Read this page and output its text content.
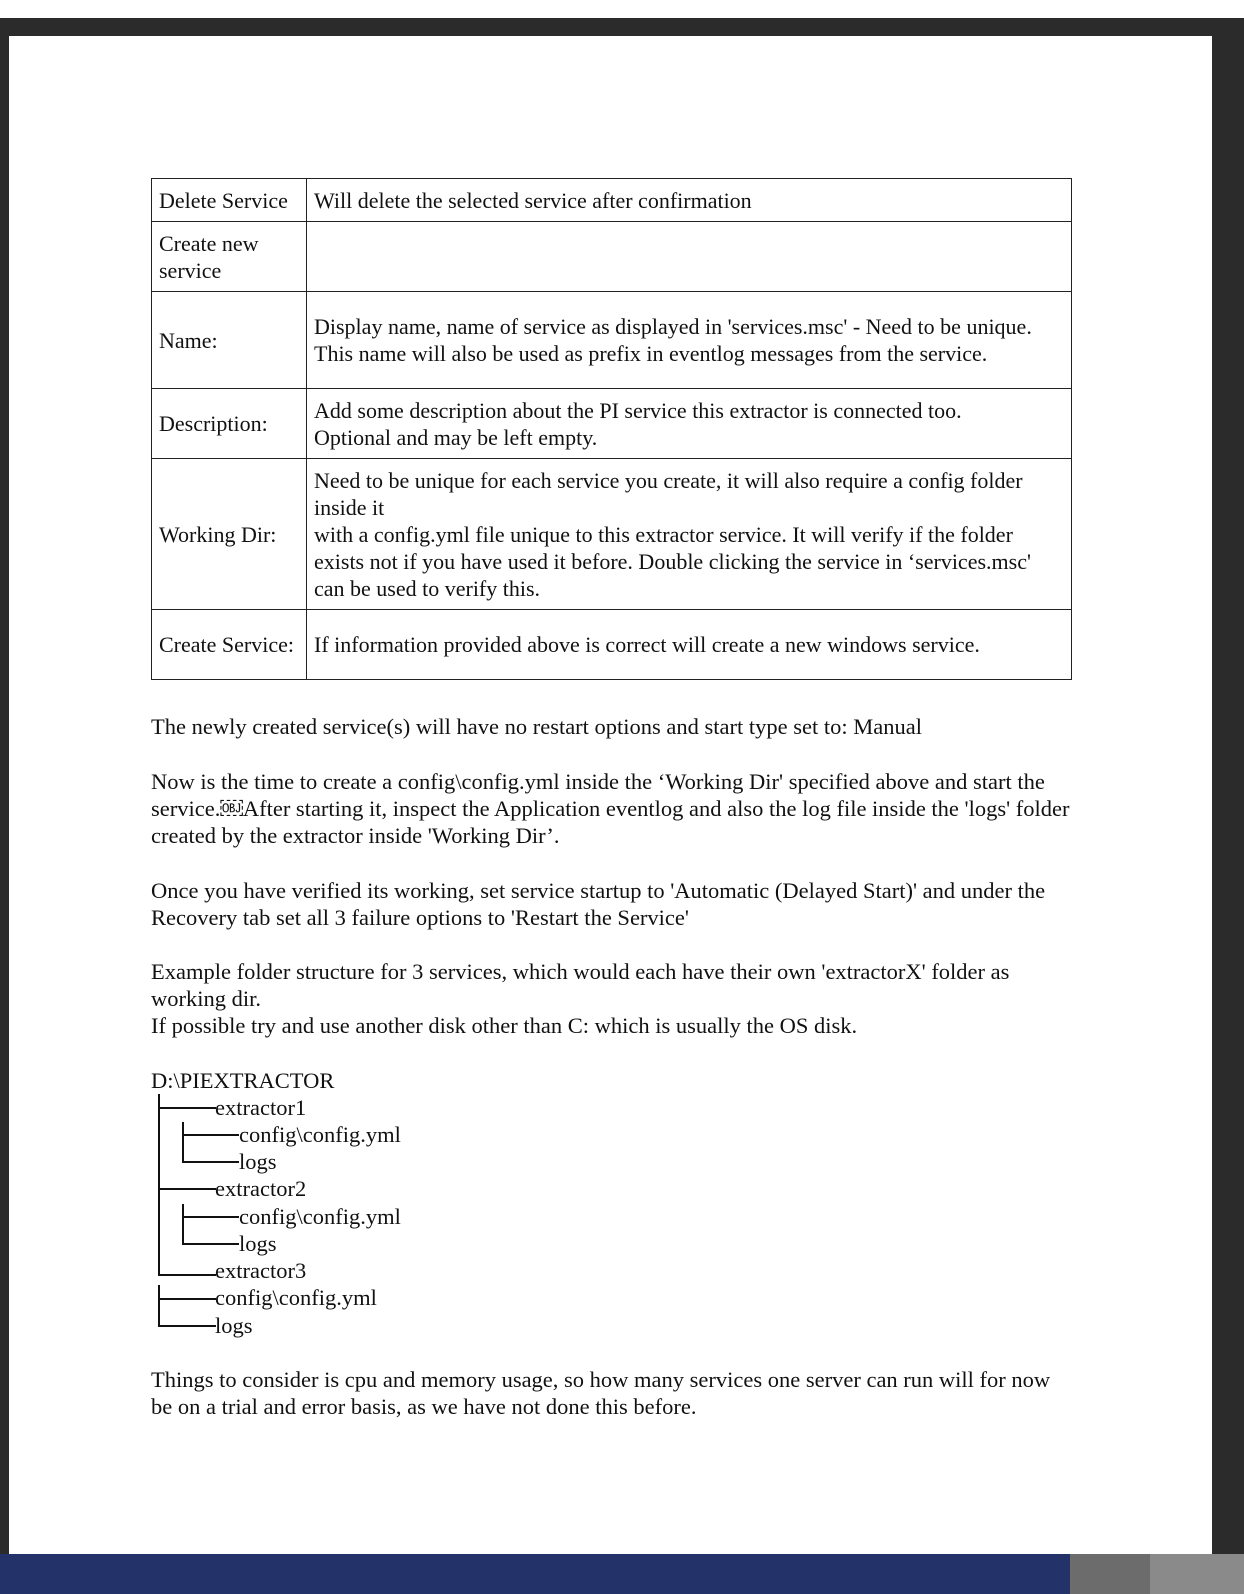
Delete Service	Will delete the selected service after confirmation
Create new service	
Name:	Display name, name of service as displayed in 'services.msc' - Need to be unique.
This name will also be used as prefix in eventlog messages from the service.
Description:	Add some description about the PI service this extractor is connected too.
Optional and may be left empty.
Working Dir:	Need to be unique for each service you create, it will also require a config folder inside it
with a config.yml file unique to this extractor service. It will verify if the folder exists not if you have used it before. Double clicking the service in ‘services.msc' can be used to verify this.
Create Service:	If information provided above is correct will create a new windows service.

The newly created service(s) will have no restart options and start type set to: Manual

Now is the time to create a config\config.yml inside the ‘Working Dir' specified above and start the service.￼After starting it, inspect the Application eventlog and also the log file inside the 'logs' folder created by the extractor inside 'Working Dir’.

Once you have verified its working, set service startup to 'Automatic (Delayed Start)' and under the Recovery tab set all 3 failure options to 'Restart the Service'

Example folder structure for 3 services, which would each have their own 'extractorX' folder as working dir.
If possible try and use another disk other than C: which is usually the OS disk.
D:\PIEXTRACTOR
extractor1
config\config.yml
logs
extractor2
config\config.yml
logs
extractor3
config\config.yml
logs

Things to consider is cpu and memory usage, so how many services one server can run will for now be on a trial and error basis, as we have not done this before.
